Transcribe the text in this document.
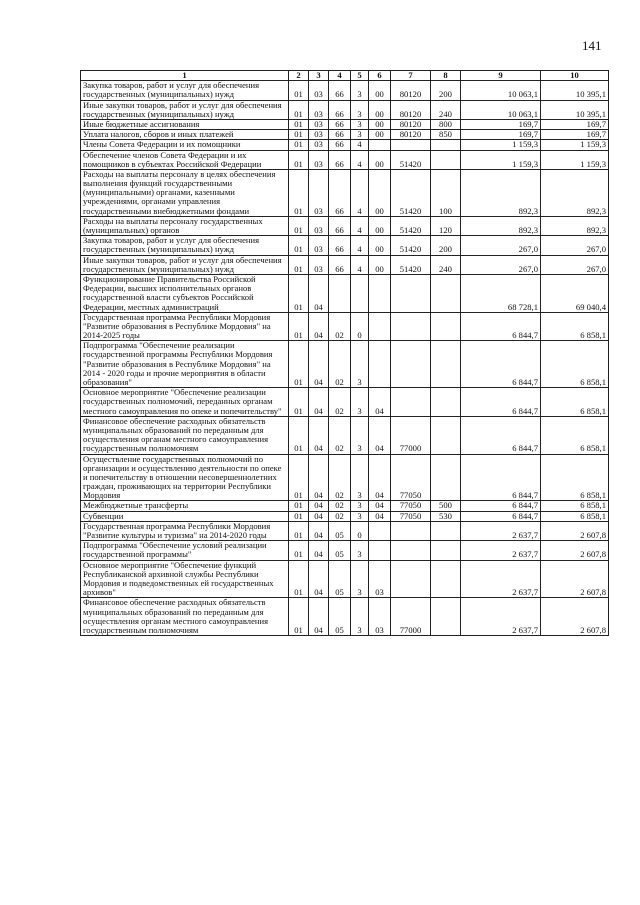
141
1	2	3	4	5	6	7	8	9	10
Закупка товаров, работ и услуг для обеспечения государственных (муниципальных) нужд	01	03	66	3	00	80120	200	10 063,1	10 395,1
Иные закупки товаров, работ и услуг для обеспечения государственных (муниципальных) нужд	01	03	66	3	00	80120	240	10 063,1	10 395,1
Иные бюджетные ассигнования	01	03	66	3	00	80120	800	169,7	169,7
Уплата налогов, сборов и иных платежей	01	03	66	3	00	80120	850	169,7	169,7
Члены Совета Федерации и их помощники	01	03	66	4				1 159,3	1 159,3
Обеспечение членов Совета Федерации и их помощников в субъектах Российской Федерации	01	03	66	4	00	51420		1 159,3	1 159,3
Расходы на выплаты персоналу в целях обеспечения выполнения функций государственными (муниципальными) органами, казенными учреждениями, органами управления государственными внебюджетными фондами	01	03	66	4	00	51420	100	892,3	892,3
Расходы на выплаты персоналу государственных (муниципальных) органов	01	03	66	4	00	51420	120	892,3	892,3
Закупка товаров, работ и услуг для обеспечения государственных (муниципальных) нужд	01	03	66	4	00	51420	200	267,0	267,0
Иные закупки товаров, работ и услуг для обеспечения государственных (муниципальных) нужд	01	03	66	4	00	51420	240	267,0	267,0
Функционирование Правительства Российской Федерации, высших исполнительных органов государственной власти субъектов Российской Федерации, местных администраций	01	04						68 728,1	69 040,4
Государственная программа Республики Мордовия "Развитие образования в Республике Мордовия" на 2014-2025 годы	01	04	02	0				6 844,7	6 858,1
Подпрограмма "Обеспечение реализации государственной программы Республики Мордовия "Развитие образования в Республике Мордовия" на 2014 - 2020 годы и прочие мероприятия в области образования"	01	04	02	3				6 844,7	6 858,1
Основное мероприятие "Обеспечение реализации государственных полномочий, переданных органам местного самоуправления по опеке и попечительству"	01	04	02	3	04			6 844,7	6 858,1
Финансовое обеспечение расходных обязательств муниципальных образований по переданным для осуществления органам местного самоуправления государственным полномочиям	01	04	02	3	04	77000		6 844,7	6 858,1
Осуществление государственных полномочий по организации и осуществлению деятельности по опеке и попечительству в отношении несовершеннолетних граждан, проживающих на территории Республики Мордовия	01	04	02	3	04	77050		6 844,7	6 858,1
Межбюджетные трансферты	01	04	02	3	04	77050	500	6 844,7	6 858,1
Субвенции	01	04	02	3	04	77050	530	6 844,7	6 858,1
Государственная программа Республики Мордовия "Развитие культуры и туризма" на 2014-2020 годы	01	04	05	0				2 637,7	2 607,8
Подпрограмма "Обеспечение условий реализации государственной программы"	01	04	05	3				2 637,7	2 607,8
Основное мероприятие "Обеспечение функций Республиканской архивной службы Республики Мордовия и подведомственных ей государственных архивов"	01	04	05	3	03			2 637,7	2 607,8
Финансовое обеспечение расходных обязательств муниципальных образований по переданным для осуществления органам местного самоуправления государственным полномочиям	01	04	05	3	03	77000		2 637,7	2 607,8
